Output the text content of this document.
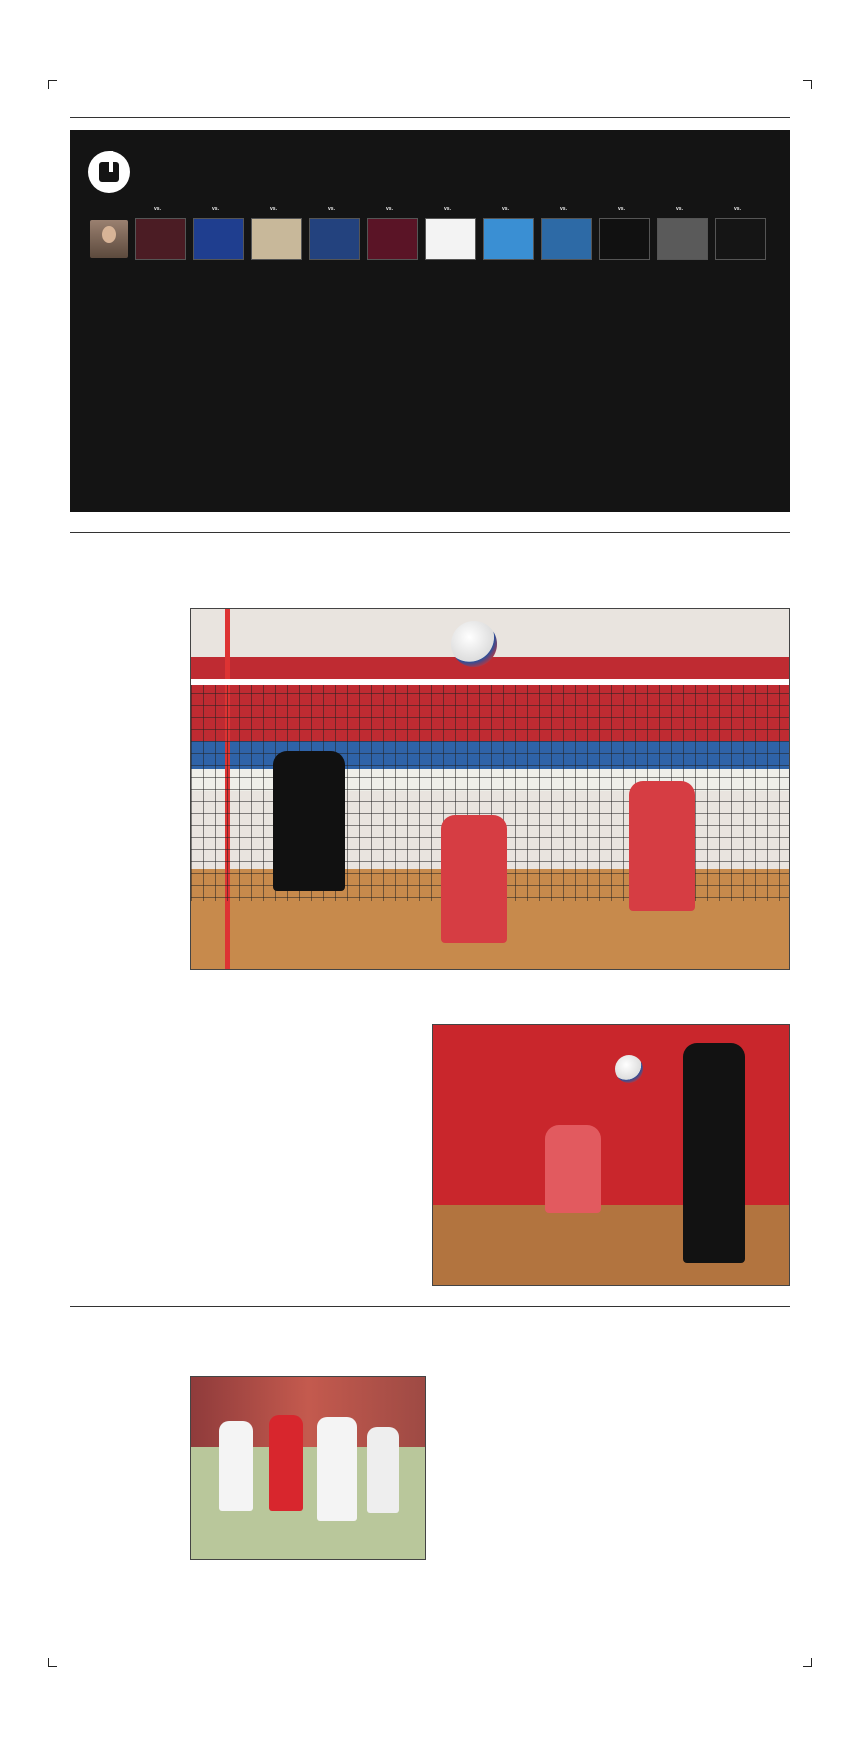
vs.	vs.	vs.	vs.	vs.	vs.	vs.	vs.	vs.	vs.	vs.
